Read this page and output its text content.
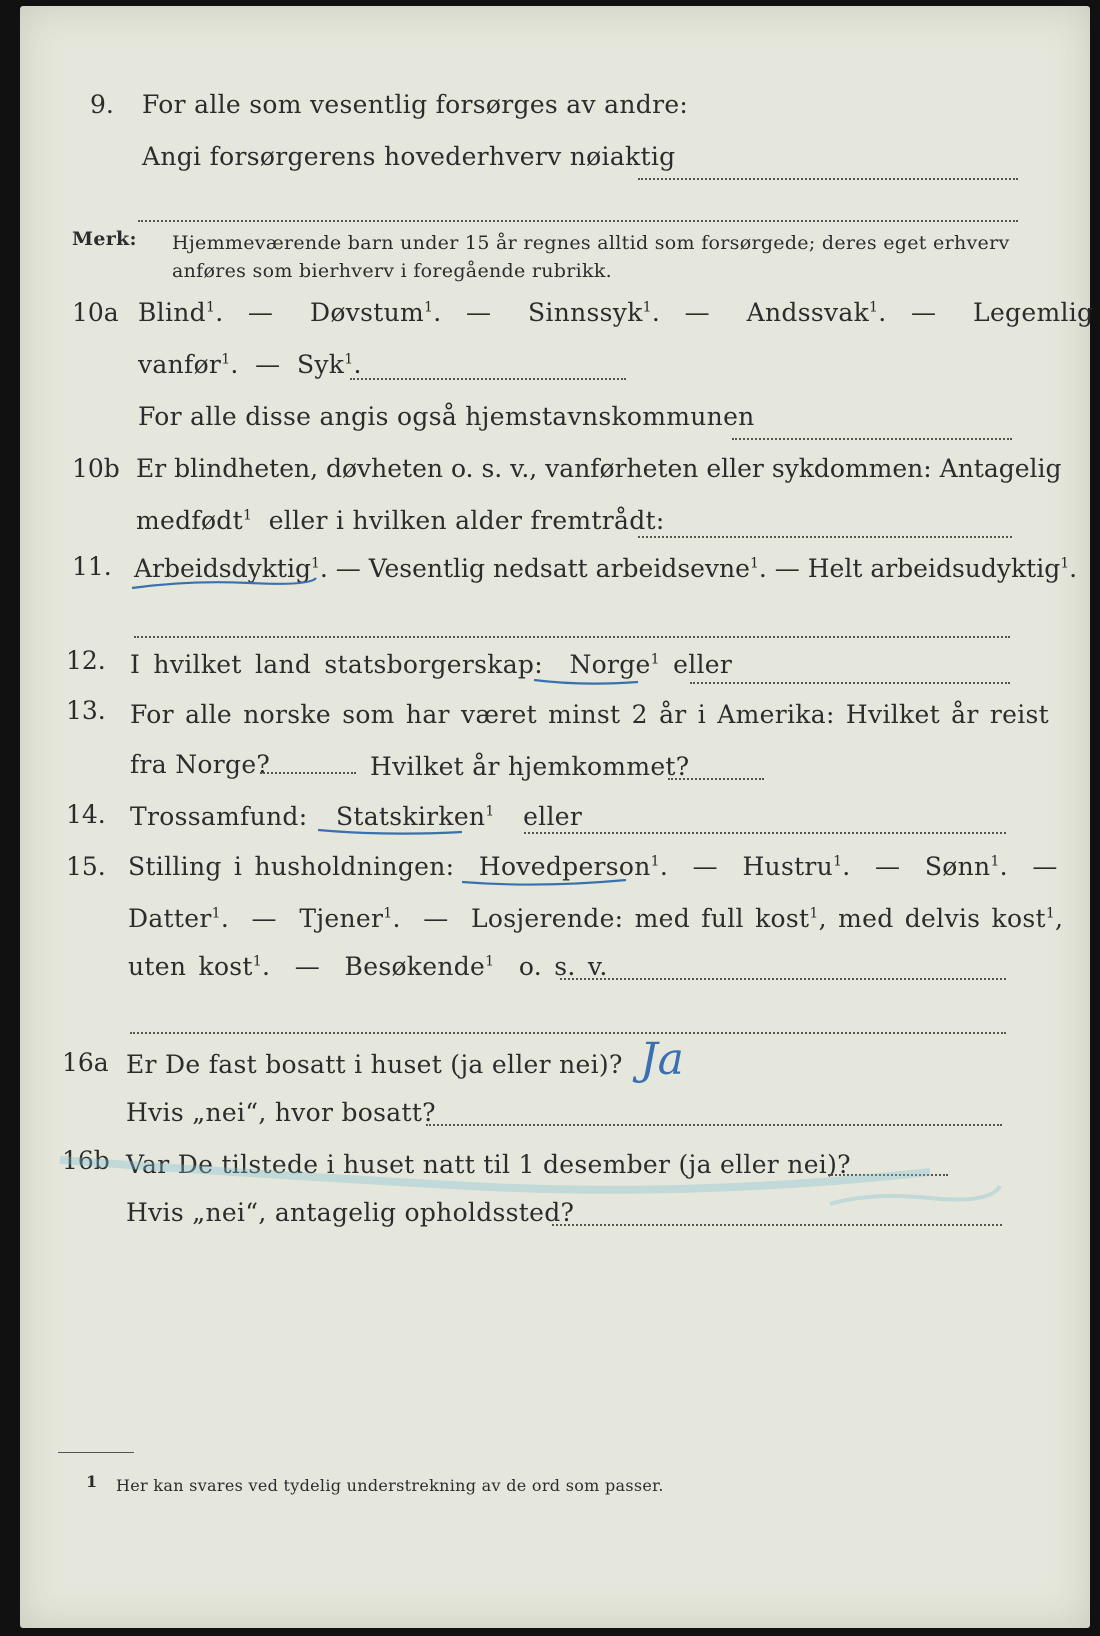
9. For alle som vesentlig forsørges av andre:
Angi forsørgerens hovederhverv nøiaktig
Merk: Hjemmeværende barn under 15 år regnes alltid som forsørgede; deres eget erhverv
anføres som bierhverv i foregående rubrikk.
10a Blind$^1$.  —   Døvstum$^1$.  —   Sinnssyk$^1$.  —   Andssvak$^1$.  —   Legemlig
vanfør$^1$.  —  Syk$^1$.
For alle disse angis også hjemstavnskommunen
10b Er blindheten, døvheten o. s. v., vanførheten eller sykdommen: Antagelig
medfødt$^1$ eller i hvilken alder fremtrådt:
11. Arbeidsdyktig$^1$. — Vesentlig nedsatt arbeidsevne$^1$. — Helt arbeidsudyktig$^1$.
12. I hvilket land statsborgerskap: Norge$^1$ eller
13. For alle norske som har været minst 2 år i Amerika: Hvilket år reist
fra Norge?	Hvilket år hjemkommet?
14. Trossamfund: Statskirken$^1$ eller
15. Stilling i husholdningen: Hovedperson$^1$.  —  Hustru$^1$.  —  Sønn$^1$.  —
Datter$^1$.  —  Tjener$^1$.  —  Losjerende: med full kost$^1$, med delvis kost$^1$,
uten kost$^1$.  —  Besøkende$^1$ o. s. v.
16a Er De fast bosatt i huset (ja eller nei)? Ja
Hvis „nei“, hvor bosatt?
16b Var De tilstede i huset natt til 1 desember (ja eller nei)?
Hvis „nei“, antagelig opholdssted?
1 Her kan svares ved tydelig understrekning av de ord som passer.
